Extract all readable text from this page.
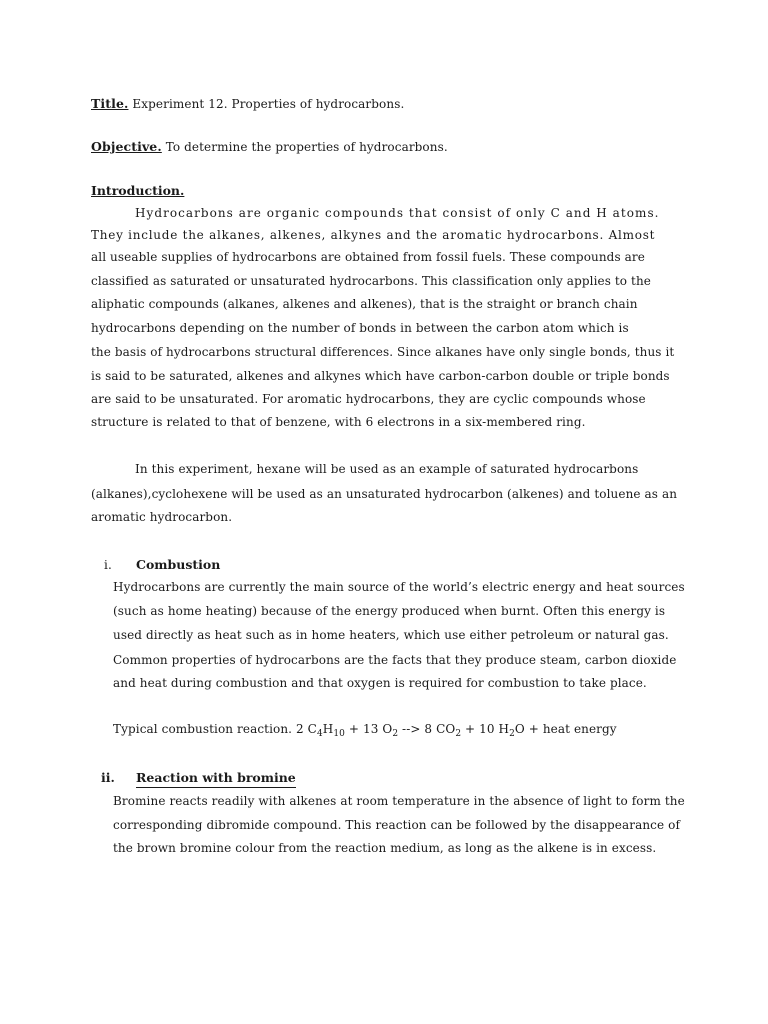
Title. Experiment 12. Properties of hydrocarbons.
Objective. To determine the properties of hydrocarbons.
Introduction.
Hydrocarbons are organic compounds that consist of only C and H atoms.
They include the alkanes, alkenes, alkynes and the aromatic hydrocarbons. Almost
all useable supplies of hydrocarbons are obtained from fossil fuels. These compounds are
classified as saturated or unsaturated hydrocarbons. This classification only applies to the
aliphatic compounds (alkanes, alkenes and alkenes), that is the straight or branch chain
hydrocarbons depending on the number of bonds in between the carbon atom which is
the basis of hydrocarbons structural differences. Since alkanes have only single bonds, thus it
is said to be saturated, alkenes and alkynes which have carbon-carbon double or triple bonds
are said to be unsaturated. For aromatic hydrocarbons, they are cyclic compounds whose
structure is related to that of benzene, with 6 electrons in a six-membered ring.
In this experiment, hexane will be used as an example of saturated hydrocarbons
(alkanes),cyclohexene will be used as an unsaturated hydrocarbon (alkenes) and toluene as an
aromatic hydrocarbon.
i. Combustion
Hydrocarbons are currently the main source of the world’s electric energy and heat sources
(such as home heating) because of the energy produced when burnt. Often this energy is
used directly as heat such as in home heaters, which use either petroleum or natural gas.
Common properties of hydrocarbons are the facts that they produce steam, carbon dioxide
and heat during combustion and that oxygen is required for combustion to take place.
Typical combustion reaction. 2 $C_4H_{10} + 13$ $O_2$ --> 8 $CO_2 + 10$ $H_2O$ + heat energy
ii. Reaction with bromine
Bromine reacts readily with alkenes at room temperature in the absence of light to form the
corresponding dibromide compound. This reaction can be followed by the disappearance of
the brown bromine colour from the reaction medium, as long as the alkene is in excess.
